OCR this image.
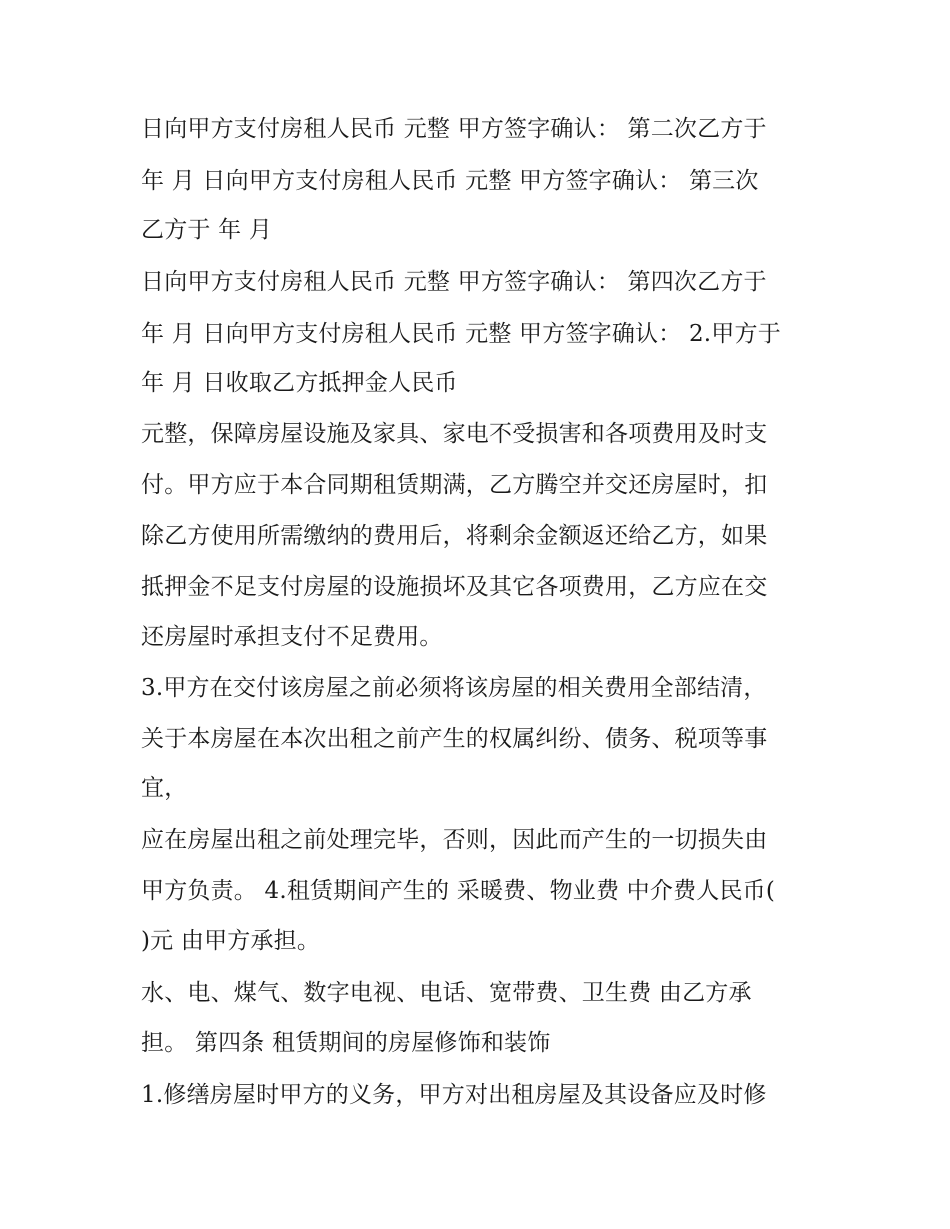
日向甲方支付房租人民币 元整 甲方签字确认： 第二次乙方于
年 月 日向甲方支付房租人民币 元整 甲方签字确认： 第三次
乙方于 年 月
日向甲方支付房租人民币 元整 甲方签字确认： 第四次乙方于
年 月 日向甲方支付房租人民币 元整 甲方签字确认： 2.甲方于
年 月 日收取乙方抵押金人民币
元整，保障房屋设施及家具、家电不受损害和各项费用及时支
付。甲方应于本合同期租赁期满，乙方腾空并交还房屋时，扣
除乙方使用所需缴纳的费用后，将剩余金额返还给乙方，如果
抵押金不足支付房屋的设施损坏及其它各项费用，乙方应在交
还房屋时承担支付不足费用。
3.甲方在交付该房屋之前必须将该房屋的相关费用全部结清，
关于本房屋在本次出租之前产生的权属纠纷、债务、税项等事
宜，
应在房屋出租之前处理完毕，否则，因此而产生的一切损失由
甲方负责。 4.租赁期间产生的 采暖费、物业费 中介费人民币(
)元 由甲方承担。
水、电、煤气、数字电视、电话、宽带费、卫生费 由乙方承
担。 第四条 租赁期间的房屋修饰和装饰
1.修缮房屋时甲方的义务，甲方对出租房屋及其设备应及时修
